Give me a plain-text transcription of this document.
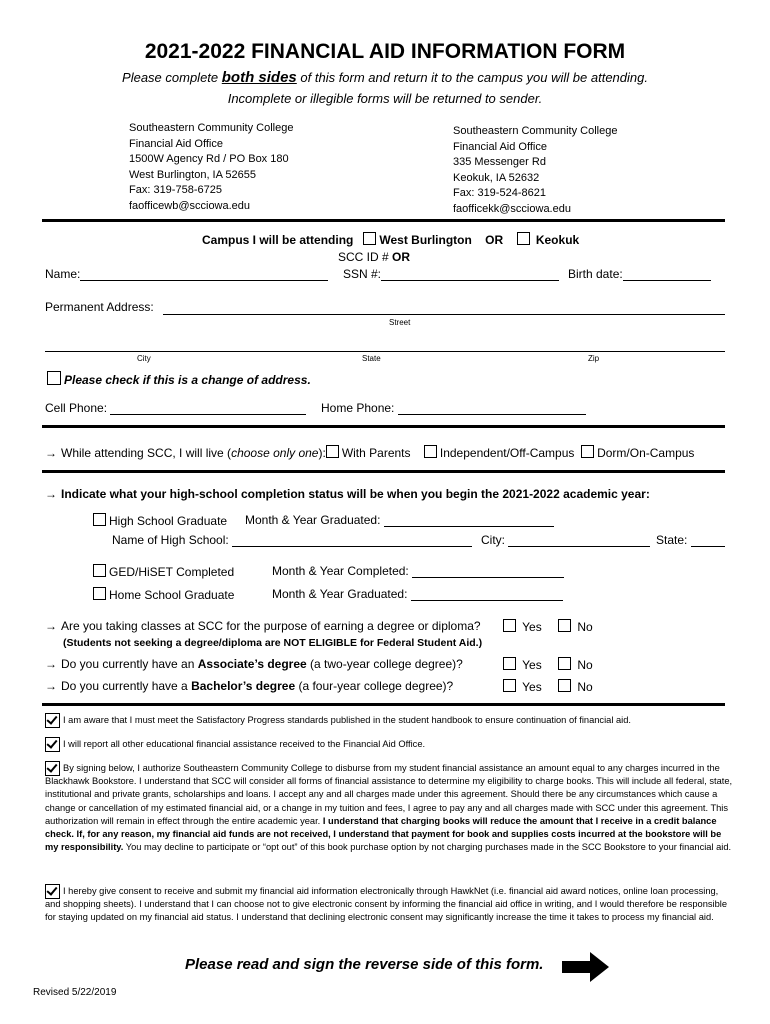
2021-2022 FINANCIAL AID INFORMATION FORM
Please complete both sides of this form and return it to the campus you will be attending.
Incomplete or illegible forms will be returned to sender.
Southeastern Community College
Financial Aid Office
1500W Agency Rd / PO Box 180
West Burlington, IA 52655
Fax: 319-758-6725
faofficewb@scciowa.edu
Southeastern Community College
Financial Aid Office
335 Messenger Rd
Keokuk, IA 52632
Fax: 319-524-8621
faofficekk@scciowa.edu
Campus I will be attending West Burlington OR	Keokuk
SCC ID # OR
Name:	SSN #:	Birth date:
Permanent Address:
Street
City	State	Zip
Please check if this is a change of address.
Cell Phone:	Home Phone:
→ While attending SCC, I will live (choose only one): With Parents Independent/Off-Campus Dorm/On-Campus
→ Indicate what your high-school completion status will be when you begin the 2021-2022 academic year:
High School Graduate Month & Year Graduated:
Name of High School:	City:	State:
GED/HiSET Completed	Month & Year Completed:
Home School Graduate	Month & Year Graduated:
→ Are you taking classes at SCC for the purpose of earning a degree or diploma?	Yes	No
(Students not seeking a degree/diploma are NOT ELIGIBLE for Federal Student Aid.)
→ Do you currently have an Associate’s degree (a two-year college degree)?	Yes	No
→ Do you currently have a Bachelor’s degree (a four-year college degree)?	Yes	No

I am aware that I must meet the Satisfactory Progress standards published in the student handbook to ensure continuation of financial aid.

I will report all other educational financial assistance received to the Financial Aid Office.

By signing below, I authorize Southeastern Community College to disburse from my student financial assistance an amount equal to any charges incurred in the Blackhawk Bookstore. I understand that SCC will consider all forms of financial assistance to determine my eligibility to charge books. This will include all federal, state, institutional and private grants, scholarships and loans. I accept any and all charges made under this agreement. Should there be any circumstances which cause a change or cancellation of my estimated financial aid, or a change in my tuition and fees, I agree to pay any and all charges made with SCC under this agreement. This authorization will remain in effect through the entire academic year. I understand that charging books will reduce the amount that I receive in a credit balance check. If, for any reason, my financial aid funds are not received, I understand that payment for book and supplies costs incurred at the bookstore will be my responsibility. You may decline to participate or “opt out” of this book purchase option by not charging purchases made in the SCC Bookstore to your financial aid.

I hereby give consent to receive and submit my financial aid information electronically through HawkNet (i.e. financial aid award notices, online loan processing, and shopping sheets). I understand that I can choose not to give electronic consent by informing the financial aid office in writing, and I would therefore be responsible for staying updated on my financial aid status. I understand that declining electronic consent may significantly increase the time it takes to process my financial aid.

Please read and sign the reverse side of this form.
Revised 5/22/2019
